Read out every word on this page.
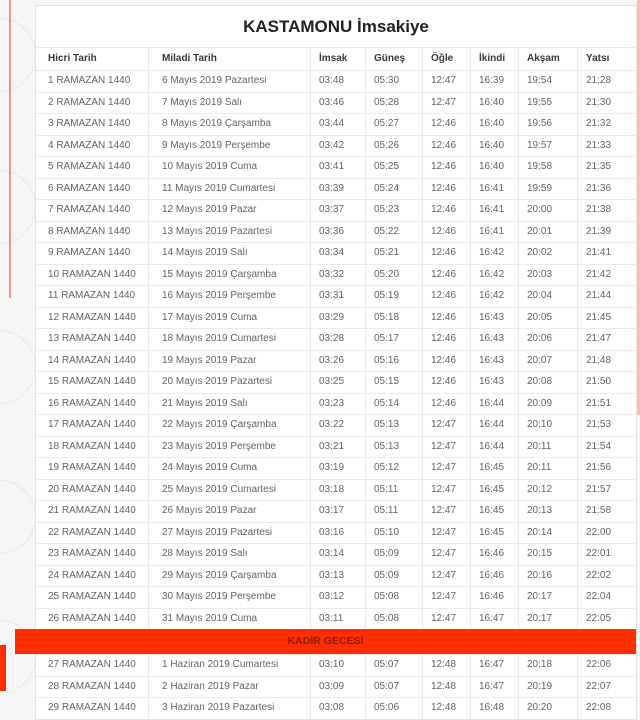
KASTAMONU İmsakiye
Hicri Tarih	Miladi Tarih	İmsak	Güneş	Öğle	İkindi	Akşam	Yatsı
1 RAMAZAN 1440	6 Mayıs 2019 Pazartesi	03:48	05:30	12:47	16:39	19:54	21:28
2 RAMAZAN 1440	7 Mayıs 2019 Salı	03:46	05:28	12:47	16:40	19:55	21:30
3 RAMAZAN 1440	8 Mayıs 2019 Çarşamba	03:44	05:27	12:46	16:40	19:56	21:32
4 RAMAZAN 1440	9 Mayıs 2019 Perşembe	03:42	05:26	12:46	16:40	19:57	21:33
5 RAMAZAN 1440	10 Mayıs 2019 Cuma	03:41	05:25	12:46	16:40	19:58	21:35
6 RAMAZAN 1440	11 Mayıs 2019 Cumartesi	03:39	05:24	12:46	16:41	19:59	21:36
7 RAMAZAN 1440	12 Mayıs 2019 Pazar	03:37	05:23	12:46	16:41	20:00	21:38
8 RAMAZAN 1440	13 Mayıs 2019 Pazartesi	03:36	05:22	12:46	16:41	20:01	21:39
9 RAMAZAN 1440	14 Mayıs 2019 Salı	03:34	05:21	12:46	16:42	20:02	21:41
10 RAMAZAN 1440	15 Mayıs 2019 Çarşamba	03:32	05:20	12:46	16:42	20:03	21:42
11 RAMAZAN 1440	16 Mayıs 2019 Perşembe	03:31	05:19	12:46	16:42	20:04	21:44
12 RAMAZAN 1440	17 Mayıs 2019 Cuma	03:29	05:18	12:46	16:43	20:05	21:45
13 RAMAZAN 1440	18 Mayıs 2019 Cumartesi	03:28	05:17	12:46	16:43	20:06	21:47
14 RAMAZAN 1440	19 Mayıs 2019 Pazar	03:26	05:16	12:46	16:43	20:07	21:48
15 RAMAZAN 1440	20 Mayıs 2019 Pazartesi	03:25	05:15	12:46	16:43	20:08	21:50
16 RAMAZAN 1440	21 Mayıs 2019 Salı	03:23	05:14	12:46	16:44	20:09	21:51
17 RAMAZAN 1440	22 Mayıs 2019 Çarşamba	03:22	05:13	12:47	16:44	20:10	21:53
18 RAMAZAN 1440	23 Mayıs 2019 Perşembe	03:21	05:13	12:47	16:44	20:11	21:54
19 RAMAZAN 1440	24 Mayıs 2019 Cuma	03:19	05:12	12:47	16:45	20:11	21:56
20 RAMAZAN 1440	25 Mayıs 2019 Cumartesi	03:18	05:11	12:47	16:45	20:12	21:57
21 RAMAZAN 1440	26 Mayıs 2019 Pazar	03:17	05:11	12:47	16:45	20:13	21:58
22 RAMAZAN 1440	27 Mayıs 2019 Pazartesi	03:16	05:10	12:47	16:45	20:14	22:00
23 RAMAZAN 1440	28 Mayıs 2019 Salı	03:14	05:09	12:47	16:46	20:15	22:01
24 RAMAZAN 1440	29 Mayıs 2019 Çarşamba	03:13	05:09	12:47	16:46	20:16	22:02
25 RAMAZAN 1440	30 Mayıs 2019 Perşembe	03:12	05:08	12:47	16:46	20:17	22:04
26 RAMAZAN 1440	31 Mayıs 2019 Cuma	03:11	05:08	12:47	16:47	20:17	22:05
KADİR GECESİ
27 RAMAZAN 1440	1 Haziran 2019 Cumartesi	03:10	05:07	12:48	16:47	20:18	22:06
28 RAMAZAN 1440	2 Haziran 2019 Pazar	03:09	05:07	12:48	16:47	20:19	22:07
29 RAMAZAN 1440	3 Haziran 2019 Pazartesi	03:08	05:06	12:48	16:48	20:20	22:08
